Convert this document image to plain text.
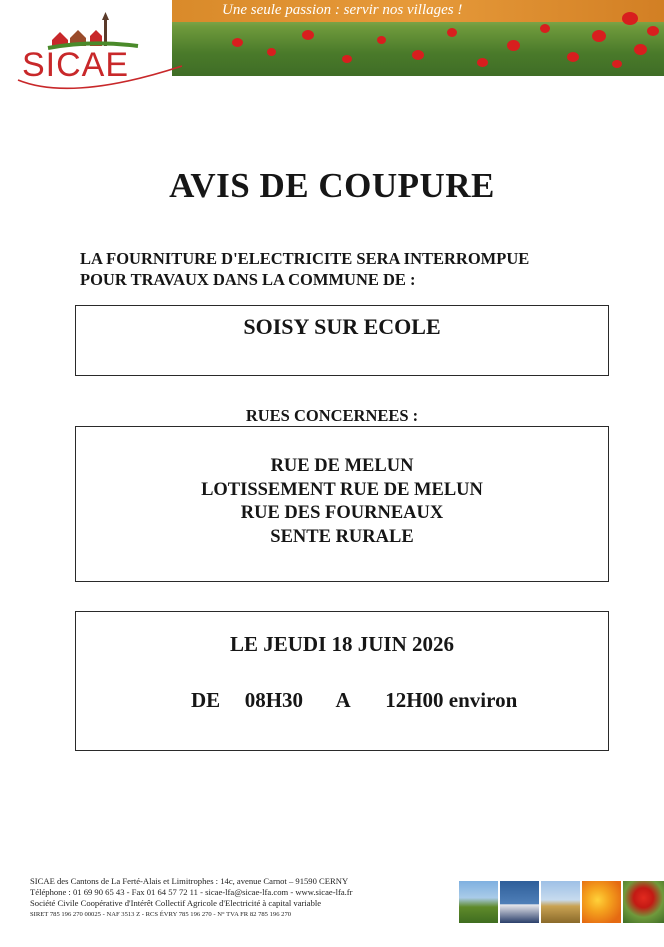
Une seule passion : servir nos villages !
SICAE
AVIS DE COUPURE
LA FOURNITURE D'ELECTRICITE SERA INTERROMPUE
POUR TRAVAUX DANS LA COMMUNE DE :
SOISY SUR ECOLE
RUES CONCERNEES :
RUE DE MELUN
LOTISSEMENT RUE DE MELUN
RUE DES FOURNEAUX
SENTE RURALE
LE JEUDI 18 JUIN 2026
DE 08H30 A 12H00 environ
SICAE des Cantons de La Ferté-Alais et Limitrophes : 14c, avenue Carnot – 91590 CERNY
Téléphone : 01 69 90 65 43 - Fax 01 64 57 72 11 - sicae-lfa@sicae-lfa.com - www.sicae-lfa.fr
Société Civile Coopérative d'Intérêt Collectif Agricole d'Electricité à capital variable
SIRET 785 196 270 00025 - NAF 3513 Z - RCS ÉVRY 785 196 270 - N° TVA FR 82 785 196 270
